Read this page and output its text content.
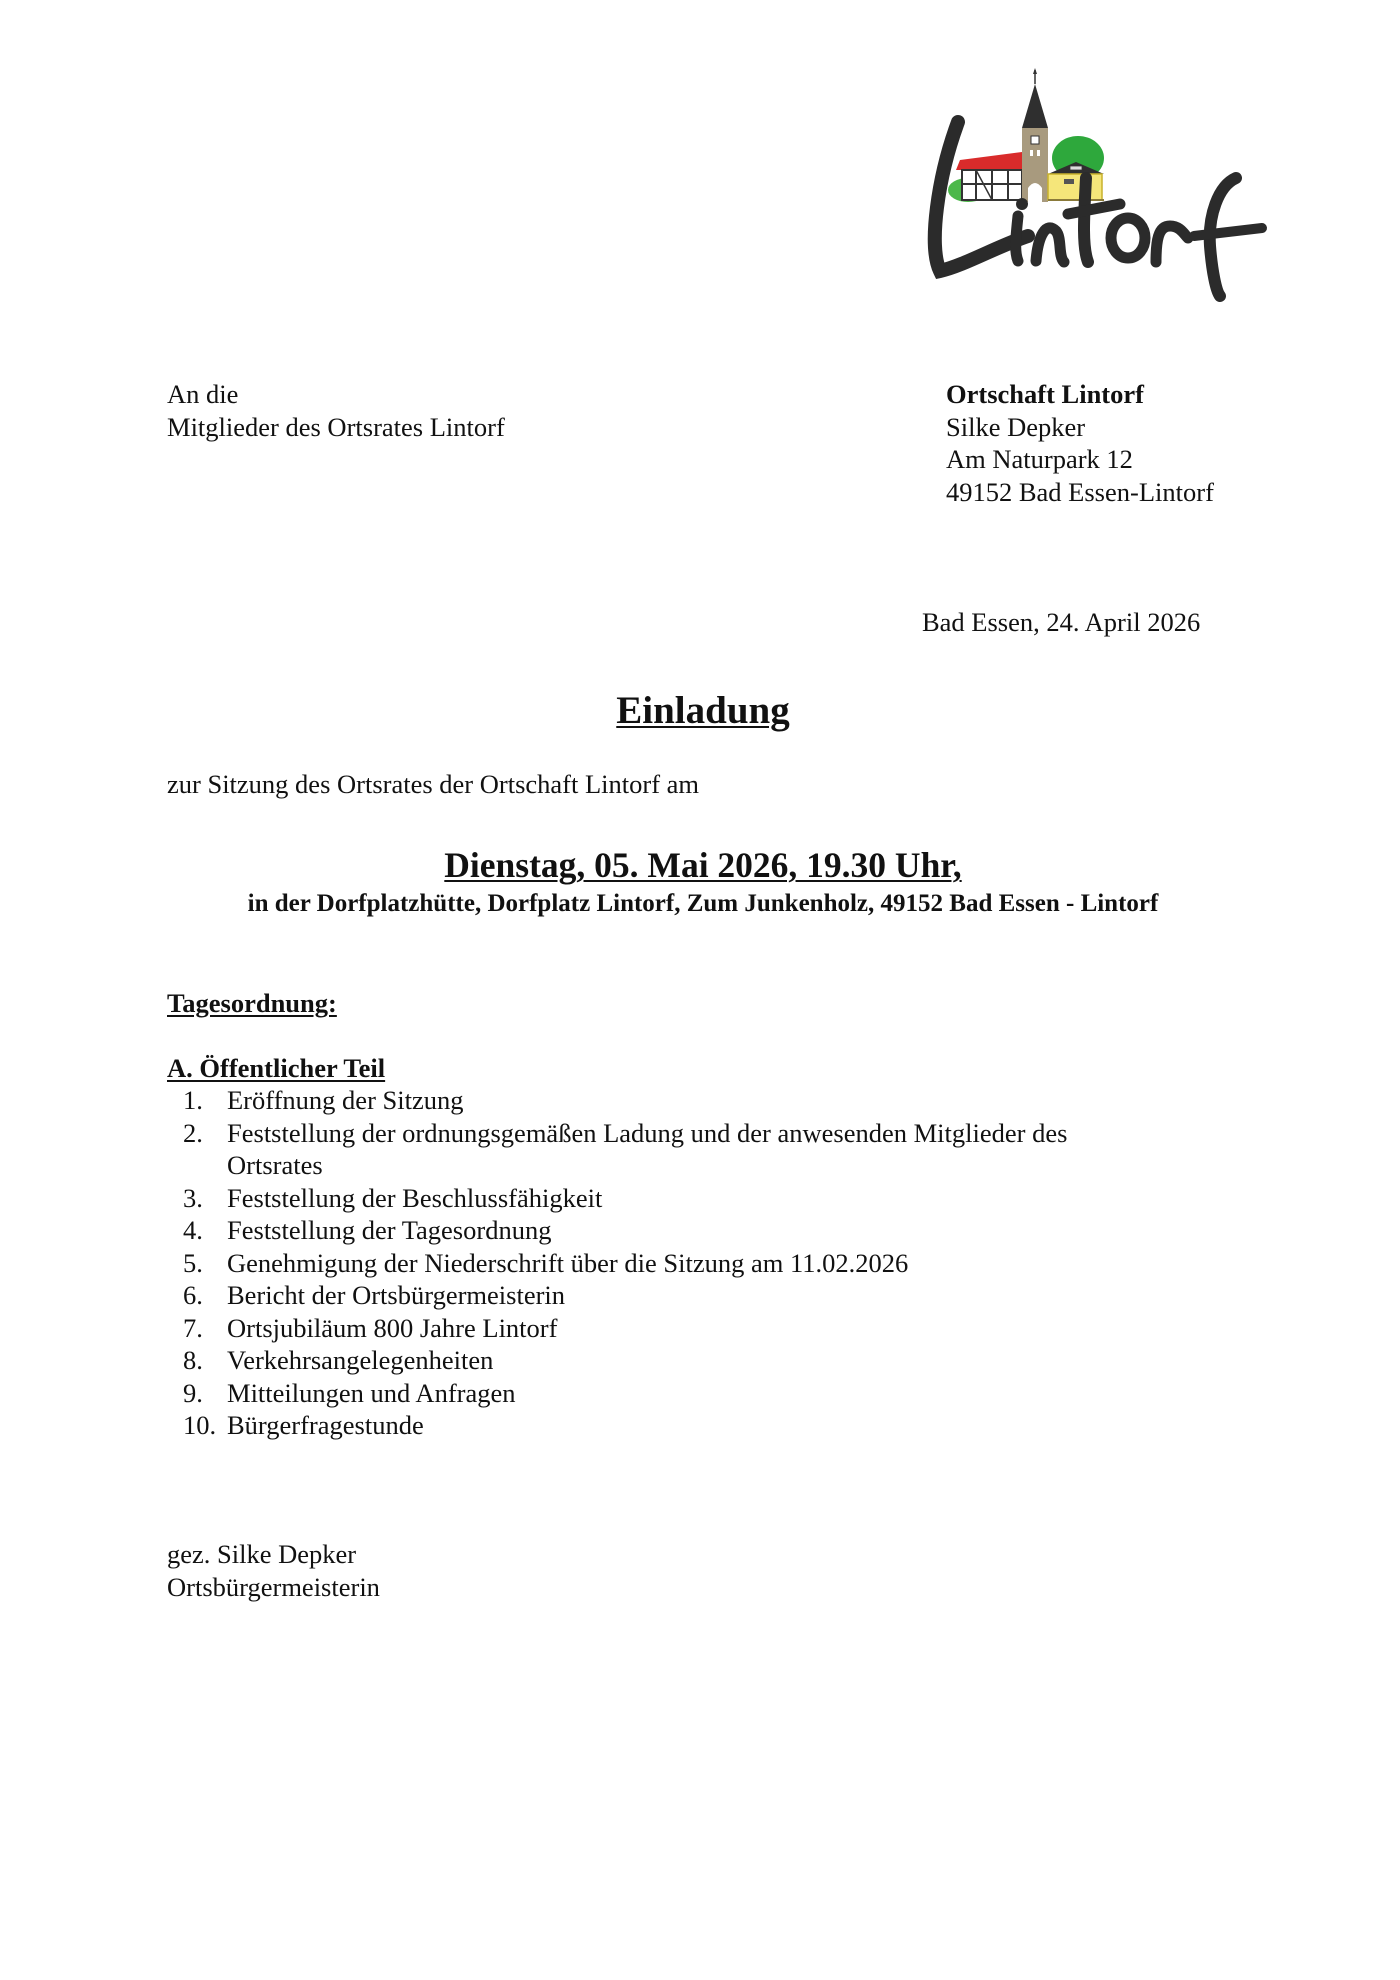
An die
Mitglieder des Ortsrates Lintorf
Ortschaft Lintorf
Silke Depker
Am Naturpark 12
49152 Bad Essen-Lintorf
Bad Essen, 24. April 2026
Einladung
zur Sitzung des Ortsrates der Ortschaft Lintorf am
Dienstag, 05. Mai 2026, 19.30 Uhr,
in der Dorfplatzhütte, Dorfplatz Lintorf, Zum Junkenholz, 49152 Bad Essen - Lintorf
Tagesordnung:
A. Öffentlicher Teil
1. Eröffnung der Sitzung
2. Feststellung der ordnungsgemäßen Ladung und der anwesenden Mitglieder des Ortsrates
3. Feststellung der Beschlussfähigkeit
4. Feststellung der Tagesordnung
5. Genehmigung der Niederschrift über die Sitzung am 11.02.2026
6. Bericht der Ortsbürgermeisterin
7. Ortsjubiläum 800 Jahre Lintorf
8. Verkehrsangelegenheiten
9. Mitteilungen und Anfragen
10. Bürgerfragestunde
gez. Silke Depker
Ortsbürgermeisterin
